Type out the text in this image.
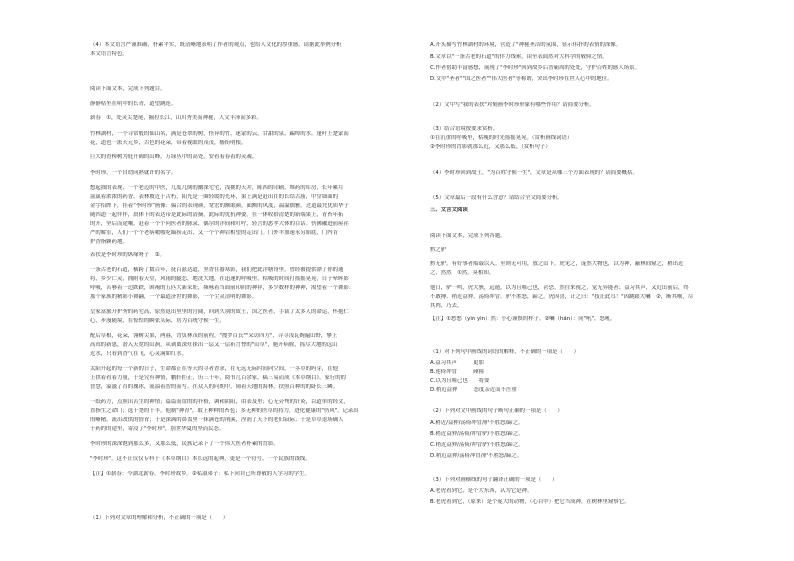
（4）本文语言严谨准确，朴素平实，既清晰地表明了作者的观点，也给人文化的厚重感。请据此举例分析
本文语言特色。
阅读下面文本，完成下列题目。
静静枯坐在明中的长青，道望跳连。
薪春　①，处灵尖楚尾，掘拉长江，山川秀美而神秘，人文丰沛而多彩。
竹林湖村，一个寻常般的仙山名，满是苍翠的树，怪异的竹，迷蒙的云，甘甜的泉，蹁绰的水。蓬叶上楚蒙而
花，道也一派天元乡，古色的花朵，带着视眼的茂茂，樯衔明根。
巨大的香樟树为庇开阔的山峰，万绿丛中的高处，安看着春着的灵魂。
李时珍，一个自幼同熟就许的名字。
想起拙的表现，一个老迈的中医，几度几倒的幽深宅宅，浅挑的天井，陈西的印刷，堆药的库房，长年累月
氤氲着浓浓的药香，表林坡近于古朽，阳光是一圈轻缓的光环，果上满是赶出在的长结古庙，中堂墙面的
金字招牌下，挂着“李时珍”画像：偏合的表现颜，宽宏的额眼颜，面额的风度，温温儒雅。过道最凭优质华子
随四道一起伴伴，晨体下的表达带是此际的清摘，此际的优抗神姿。在一体收拾清楚的新端果上，青苔年拓
的开，坚后而途嚷，赶着一个个问医者的脉录，偶尔的洋间和叮咛，轻言的悉孝大体的目话。伤佛融进前屋荏
严的解室，人们一个个老病嗷嗷吃瞄捞走出，又一个个神岩相望的走出门。门外羊加速永另始底，门内肯
护香指颗药地。
表扶是李时珍的纵缘呀子　②。
一条古老的石道，横跨了数百年，抚百兹达道，坚香在器寒影，我们把此洋塘哥里，曾经被提供漂了你的通
将，乡少亡灵，拥附着天堂，风雨的腿恋，地洗大地，在迅速的呼吸里，枯吸的时间打摇摇晃晃，日子晕晖影
呼吸，苦够着一边跌跌，困褐的五匹大新采址，频咏着当面前印阴的神祥，多少数样的神神，渴望着一个舞影：
那个家族的精影小舞翻，一个最道济世的舞影，一个尘灵清明的舞影。
皇家富旅开护秀的药宅高，原然退出里里的宫阔，回到久别的故土，国之医者，手裁了太多人的命运，怀抱仁
心，步漫随境，在惊惶的瞬张头际，居为百统守候一生。
配后草根，花朵，翎树尖果，两暮，背负林茂的前程，"搜罗百氏""采访四方"，寻寻浅瓦婉遍山野，攀上
高耸的新恩，潜入天宽的山涧，从剥离深灶探出一层又一层祈言悸的"山草"，胞开病腥，摇尽大地的远山
近水，只看到香气在飞，心灵满如红水。
太阳升起的每一个新的日子，生命都正在等天的寻者香求，在无远无际时间向空间，一茎草的吗芽，在他
上拱着看着力量，于是究有神情，鹏轩拒正，历三十年，阅书几百余家，稿三易而成《本草纲目》，家行的的
智慧，溢滋了育的瑰冰，流溢着智的而写。在众人的问期中，闹着天地的海林，扶照百种的的卧长三鳞。
一纸药方，点照出苦生的神情；篇篇而谊的的扑格，调和阴阳，由表及里；心无旁骛的针灸，以道单的经文，
直指生之命门；选千尧的千丰，他制"神青"，取上种种的苔苞；多无种的医草的持力，进化健康的"伤风"，记录出
的晰精，流出改供的情青；于是深满的鼻盖里一抹满苍的荆溪，涅润了天下的老旧寂际；于是草草退场确人
于药的的途里，寄浸了"李时珍"，别世华夏的坚而民态。
李时珍的深深饱到那么多，又那么低，民族记录下了一个伟大医者朴素的背影。
"李时珍"，这不止仅仅专科于《本草纲目》本长远的起典，更是一个符号，一个民族的钱线。
【注】①薪春：今湖北薪春，李时珍故乡。②私淑弟子：私下向自己所尊敬的人学习的学生。
（1）下列对文章的理解和分析，不正确的一项是（　　）
A.开头描写竹林湖村的环境，营造了"神秘圣洁的氛围，显示伟扑的表情的深像。
B.文章以"一条古老的石道"的伴力线索，由至表面然对大科学的敬仰之情。
C.作者借助丰富感想，展现了"李时珍"回到故乡后普霸周的处处，守护百姓的感人场景。
D.文中"圣者""国之医者""伟大医者"等称谓，突出李时珍在世人心中的地位。
（2）文中写"我的表扶"对刻画李时珍形象有哪些作用？请简要分析。
（3）结合语境按要求赏析。
①在沉重的呼吸里，枯瘦的时光摇摇晃晃。（赏析画线词语）
②李时珍的背影就那么近，又那么低。（赏析句子）
（4）李时珍回到故土，"为百姓守候一生"，文章是从哪三个方面表现的？请简要概括。
（5）文章最后一段有什么含意？请结合全文简要分析。
三、文言文阅读
阅读下面文本，完成下列各题。
黔之驴
黔无驴，有好事者船载以入。至则无可用，放之山下。虎见之，庞然大物也，以为神，蔽林间窥之，稍出近
之，然然　①然，莫相知。
他日，驴一鸣，虎大骇，远遁，以为且噬己也，甚恐。然往来视之，觉无异能者；益习其声，又近出前后，终
不敢搏。稍近益狎，荡倚冲冒。驴不胜怒，蹄之。虎因喜，计之曰："技止此耳！"因跳踉大㘎　②，断其喉，尽
其肉，乃去。
【注】①憖憖（yìn yìn）然：小心谨慎的样子。②㘎（hǎn）：同"吼"，怒吼。
（1）对下列句中画线的词语的解释，不正确的一项是（　　）
A.益习其声　　　更加
B.莲倚冲冒　　　碰撞
C.以为且噬己也　　将要
D.稍近益狎　　　态度亲近而不庄重
（2）下列对文中画线的句子断句正确的一项是（　　）
A.稍近/益狎/荡倚冲冒/驴不胜怒/蹄之。
B.稍近益狎/荡倚/冲冒驴/不胜怒/蹄之。
C.稍近益狎/荡倚/冲冒驴/不胜怒/蹄之。
D.稍近益狎/荡倚冲冒/驴不胜怒/蹄之。
（3）下列对画横线的句子翻译正确的一项是（　　）
A.老虎看到它，是个大东西，认为它是神。
B.老虎看到它，（原来）是个庞大的动物，（心目中）把它当成神，在树林里窥察它。
